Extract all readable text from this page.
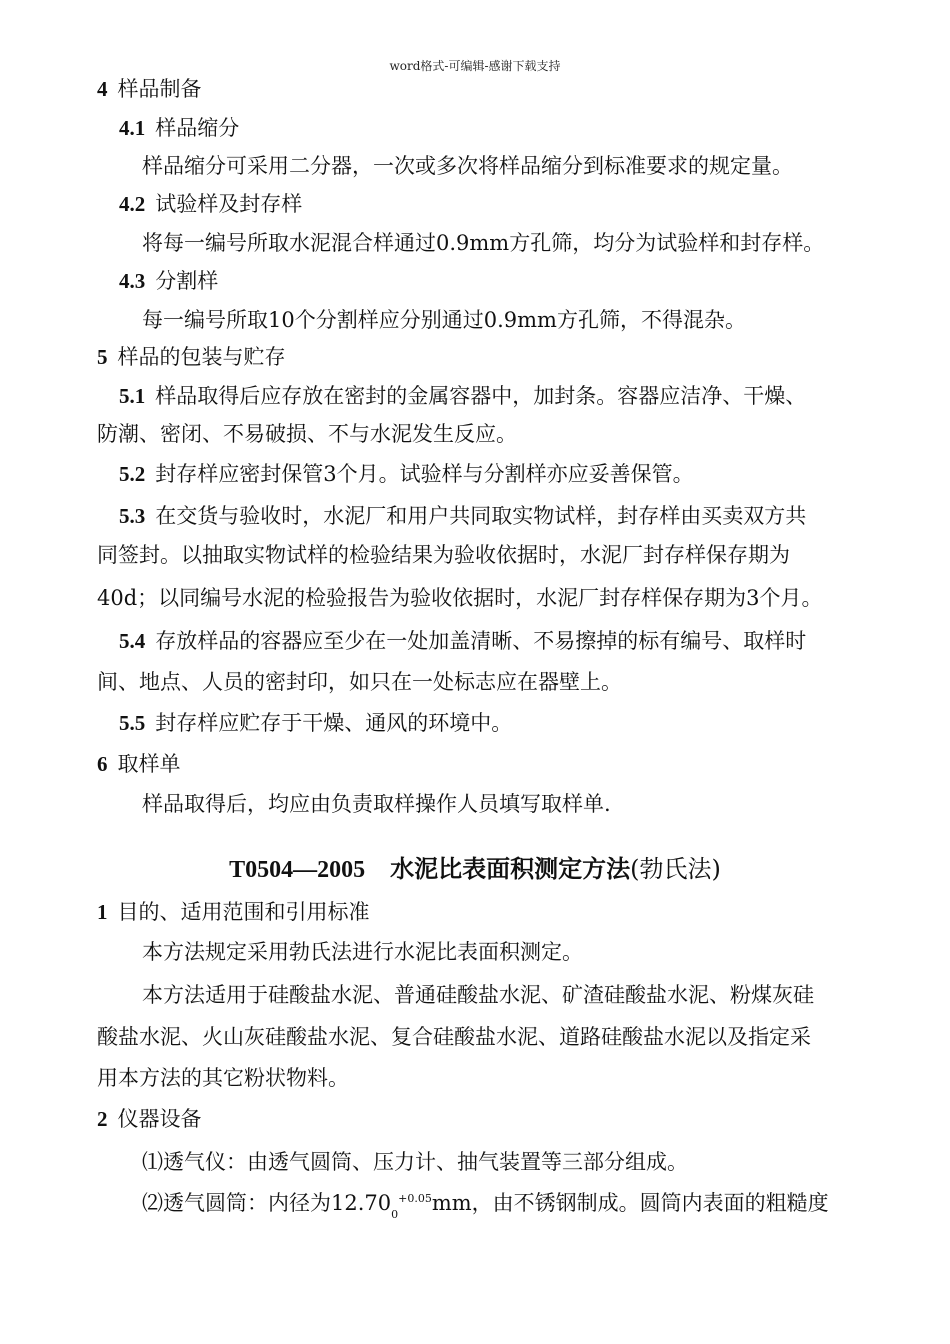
word格式-可编辑-感谢下载支持
4 样品制备
4.1 样品缩分
样品缩分可采用二分器，一次或多次将样品缩分到标准要求的规定量。
4.2 试验样及封存样
将每一编号所取水泥混合样通过0.9mm方孔筛，均分为试验样和封存样。
4.3 分割样
每一编号所取10个分割样应分别通过0.9mm方孔筛，不得混杂。
5 样品的包装与贮存
5.1 样品取得后应存放在密封的金属容器中，加封条。容器应洁净、干燥、
防潮、密闭、不易破损、不与水泥发生反应。
5.2 封存样应密封保管3个月。试验样与分割样亦应妥善保管。
5.3 在交货与验收时，水泥厂和用户共同取实物试样，封存样由买卖双方共
同签封。以抽取实物试样的检验结果为验收依据时，水泥厂封存样保存期为
40d；以同编号水泥的检验报告为验收依据时，水泥厂封存样保存期为3个月。
5.4 存放样品的容器应至少在一处加盖清晰、不易擦掉的标有编号、取样时
间、地点、人员的密封印，如只在一处标志应在器壁上。
5.5 封存样应贮存于干燥、通风的环境中。
6 取样单
样品取得后，均应由负责取样操作人员填写取样单.
T0504—2005 水泥比表面积测定方法(勃氏法)
1 目的、适用范围和引用标准
本方法规定采用勃氏法进行水泥比表面积测定。
本方法适用于硅酸盐水泥、普通硅酸盐水泥、矿渣硅酸盐水泥、粉煤灰硅
酸盐水泥、火山灰硅酸盐水泥、复合硅酸盐水泥、道路硅酸盐水泥以及指定采
用本方法的其它粉状物料。
2 仪器设备
⑴透气仪：由透气圆筒、压力计、抽气装置等三部分组成。
⑵透气圆筒：内径为$12.70_0^{+0.05}mm$，由不锈钢制成。圆筒内表面的粗糙度
